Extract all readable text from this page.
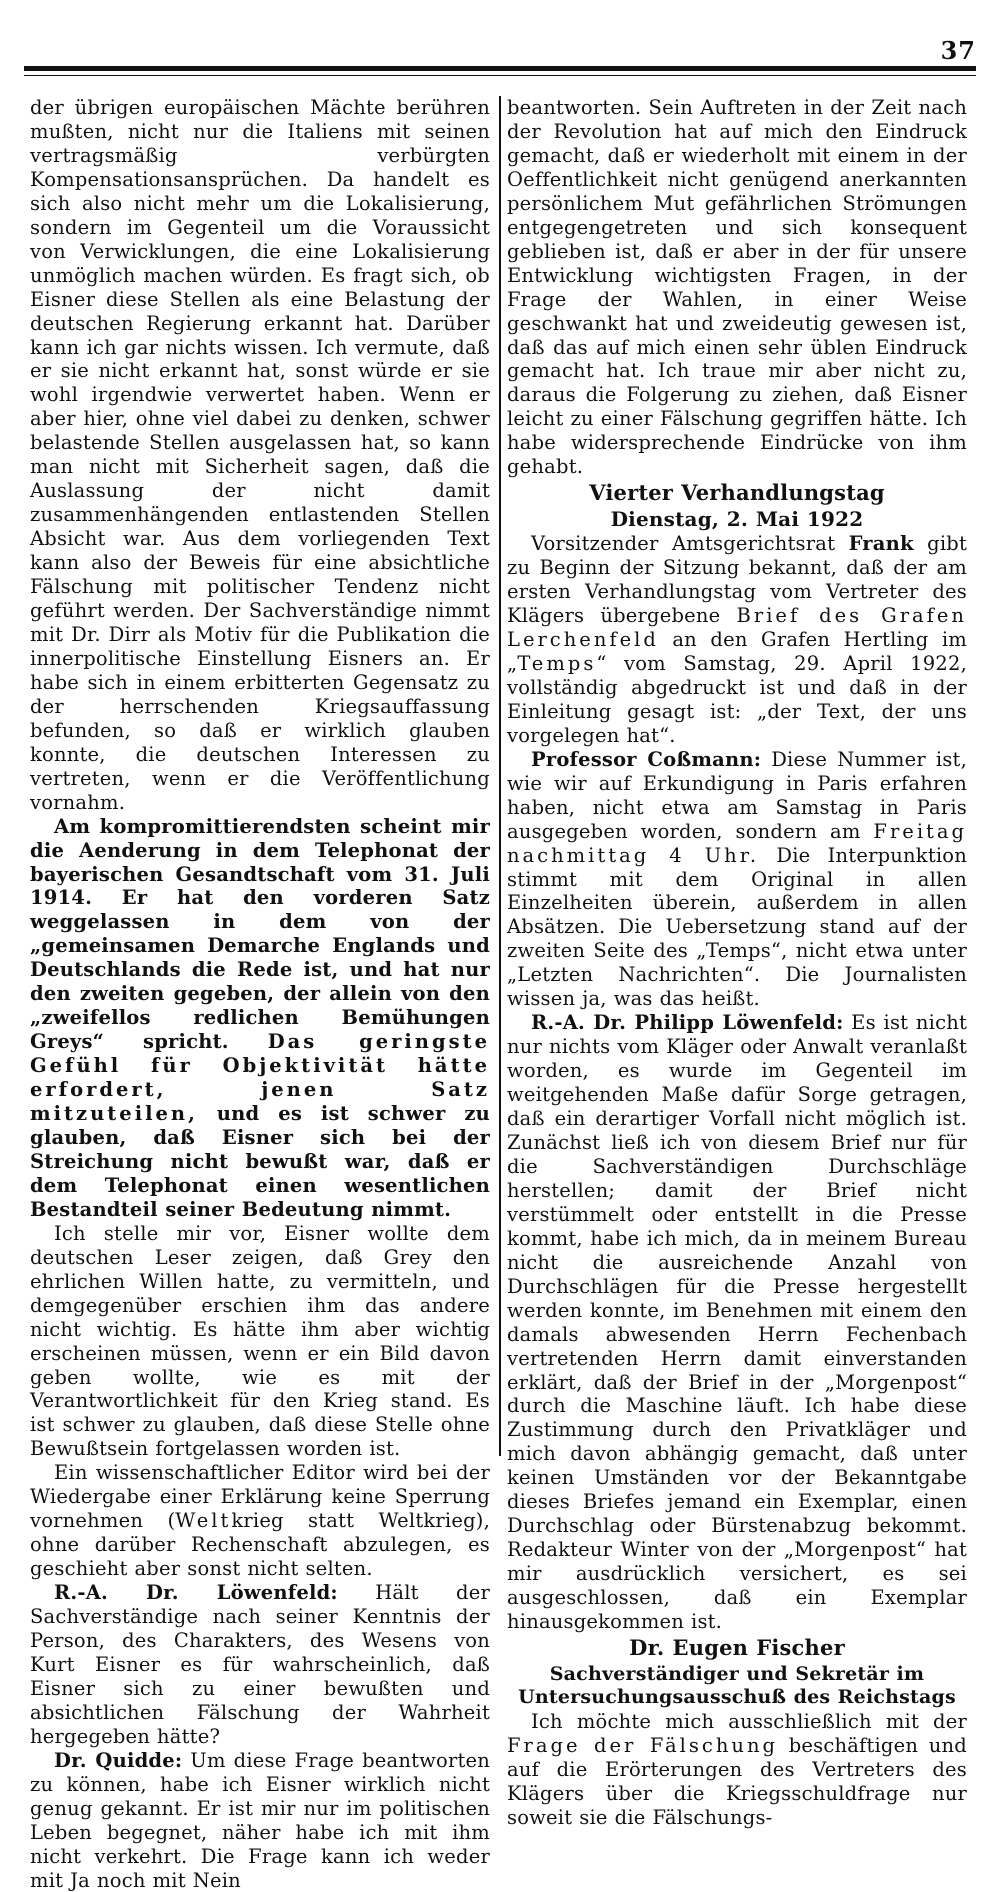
37

der übrigen europäischen Mächte berühren mußten, nicht nur die Italiens mit seinen vertragsmäßig verbürgten Kompensationsansprüchen. Da handelt es sich also nicht mehr um die Lokalisierung, sondern im Gegenteil um die Voraussicht von Verwicklungen, die eine Lokalisierung unmöglich machen würden. Es fragt sich, ob Eisner diese Stellen als eine Belastung der deutschen Regierung erkannt hat. Darüber kann ich gar nichts wissen. Ich vermute, daß er sie nicht erkannt hat, sonst würde er sie wohl irgendwie verwertet haben. Wenn er aber hier, ohne viel dabei zu denken, schwer belastende Stellen ausgelassen hat, so kann man nicht mit Sicherheit sagen, daß die Auslassung der nicht damit zusammenhängenden entlastenden Stellen Absicht war. Aus dem vorliegenden Text kann also der Beweis für eine absichtliche Fälschung mit politischer Tendenz nicht geführt werden. Der Sachverständige nimmt mit Dr. Dirr als Motiv für die Publikation die innerpolitische Einstellung Eisners an. Er habe sich in einem erbitterten Gegensatz zu der herrschenden Kriegsauffassung befunden, so daß er wirklich glauben konnte, die deutschen Interessen zu vertreten, wenn er die Veröffentlichung vornahm.

Am kompromittierendsten scheint mir die Aenderung in dem Telephonat der bayerischen Gesandtschaft vom 31. Juli 1914. Er hat den vorderen Satz weggelassen in dem von der „gemeinsamen Demarche Englands und Deutschlands die Rede ist, und hat nur den zweiten gegeben, der allein von den „zweifellos redlichen Bemühungen Greys“ spricht. Das geringste Gefühl für Objektivität hätte erfordert, jenen Satz mitzuteilen, und es ist schwer zu glauben, daß Eisner sich bei der Streichung nicht bewußt war, daß er dem Telephonat einen wesentlichen Bestandteil seiner Bedeutung nimmt.

Ich stelle mir vor, Eisner wollte dem deutschen Leser zeigen, daß Grey den ehrlichen Willen hatte, zu vermitteln, und demgegenüber erschien ihm das andere nicht wichtig. Es hätte ihm aber wichtig erscheinen müssen, wenn er ein Bild davon geben wollte, wie es mit der Verantwortlichkeit für den Krieg stand. Es ist schwer zu glauben, daß diese Stelle ohne Bewußtsein fortgelassen worden ist.

Ein wissenschaftlicher Editor wird bei der Wiedergabe einer Erklärung keine Sperrung vornehmen (Weltkrieg statt Weltkrieg), ohne darüber Rechenschaft abzulegen, es geschieht aber sonst nicht selten.

R.-A. Dr. Löwenfeld: Hält der Sachverständige nach seiner Kenntnis der Person, des Charakters, des Wesens von Kurt Eisner es für wahrscheinlich, daß Eisner sich zu einer bewußten und absichtlichen Fälschung der Wahrheit hergegeben hätte?

Dr. Quidde: Um diese Frage beantworten zu können, habe ich Eisner wirklich nicht genug gekannt. Er ist mir nur im politischen Leben begegnet, näher habe ich mit ihm nicht verkehrt. Die Frage kann ich weder mit Ja noch mit Nein

beantworten. Sein Auftreten in der Zeit nach der Revolution hat auf mich den Eindruck gemacht, daß er wiederholt mit einem in der Oeffentlichkeit nicht genügend anerkannten persönlichem Mut gefährlichen Strömungen entgegengetreten und sich konsequent geblieben ist, daß er aber in der für unsere Entwicklung wichtigsten Fragen, in der Frage der Wahlen, in einer Weise geschwankt hat und zweideutig gewesen ist, daß das auf mich einen sehr üblen Eindruck gemacht hat. Ich traue mir aber nicht zu, daraus die Folgerung zu ziehen, daß Eisner leicht zu einer Fälschung gegriffen hätte. Ich habe widersprechende Eindrücke von ihm gehabt.

Vierter Verhandlungstag
Dienstag, 2. Mai 1922

Vorsitzender Amtsgerichtsrat Frank gibt zu Beginn der Sitzung bekannt, daß der am ersten Verhandlungstag vom Vertreter des Klägers übergebene Brief des Grafen Lerchenfeld an den Grafen Hertling im „Temps“ vom Samstag, 29. April 1922, vollständig abgedruckt ist und daß in der Einleitung gesagt ist: „der Text, der uns vorgelegen hat“.

Professor Coßmann: Diese Nummer ist, wie wir auf Erkundigung in Paris erfahren haben, nicht etwa am Samstag in Paris ausgegeben worden, sondern am Freitag nachmittag 4 Uhr. Die Interpunktion stimmt mit dem Original in allen Einzelheiten überein, außerdem in allen Absätzen. Die Uebersetzung stand auf der zweiten Seite des „Temps“, nicht etwa unter „Letzten Nachrichten“. Die Journalisten wissen ja, was das heißt.

R.-A. Dr. Philipp Löwenfeld: Es ist nicht nur nichts vom Kläger oder Anwalt veranlaßt worden, es wurde im Gegenteil im weitgehenden Maße dafür Sorge getragen, daß ein derartiger Vorfall nicht möglich ist. Zunächst ließ ich von diesem Brief nur für die Sachverständigen Durchschläge herstellen; damit der Brief nicht verstümmelt oder entstellt in die Presse kommt, habe ich mich, da in meinem Bureau nicht die ausreichende Anzahl von Durchschlägen für die Presse hergestellt werden konnte, im Benehmen mit einem den damals abwesenden Herrn Fechenbach vertretenden Herrn damit einverstanden erklärt, daß der Brief in der „Morgenpost“ durch die Maschine läuft. Ich habe diese Zustimmung durch den Privatkläger und mich davon abhängig gemacht, daß unter keinen Umständen vor der Bekanntgabe dieses Briefes jemand ein Exemplar, einen Durchschlag oder Bürstenabzug bekommt. Redakteur Winter von der „Morgenpost“ hat mir ausdrücklich versichert, es sei ausgeschlossen, daß ein Exemplar hinausgekommen ist.

Dr. Eugen Fischer
Sachverständiger und Sekretär im Untersuchungsausschuß des Reichstags

Ich möchte mich ausschließlich mit der Frage der Fälschung beschäftigen und auf die Erörterungen des Vertreters des Klägers über die Kriegsschuldfrage nur soweit sie die Fälschungs-
